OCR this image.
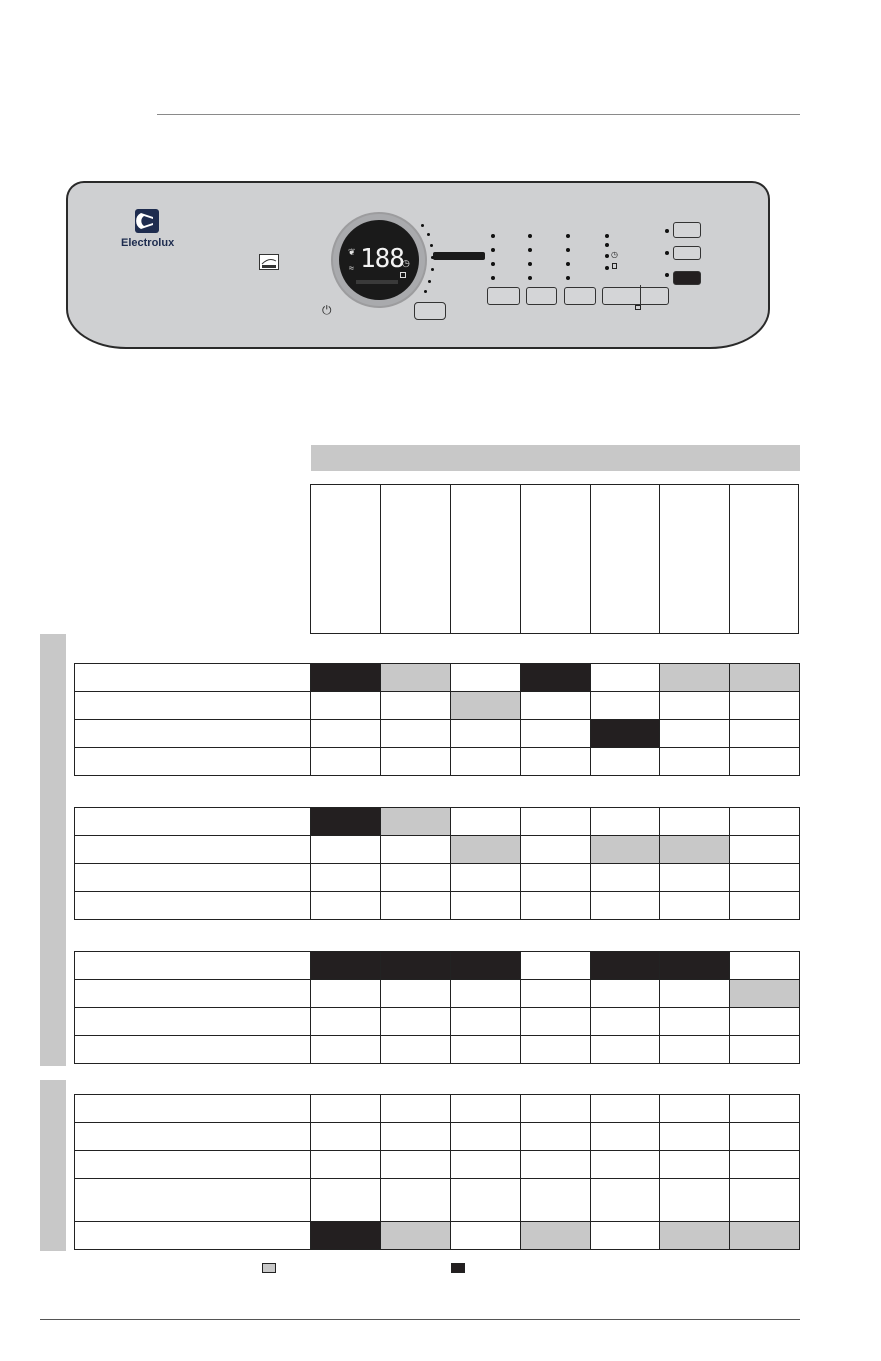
Electrolux
⏻
❦
≈ 188
◷
◷
